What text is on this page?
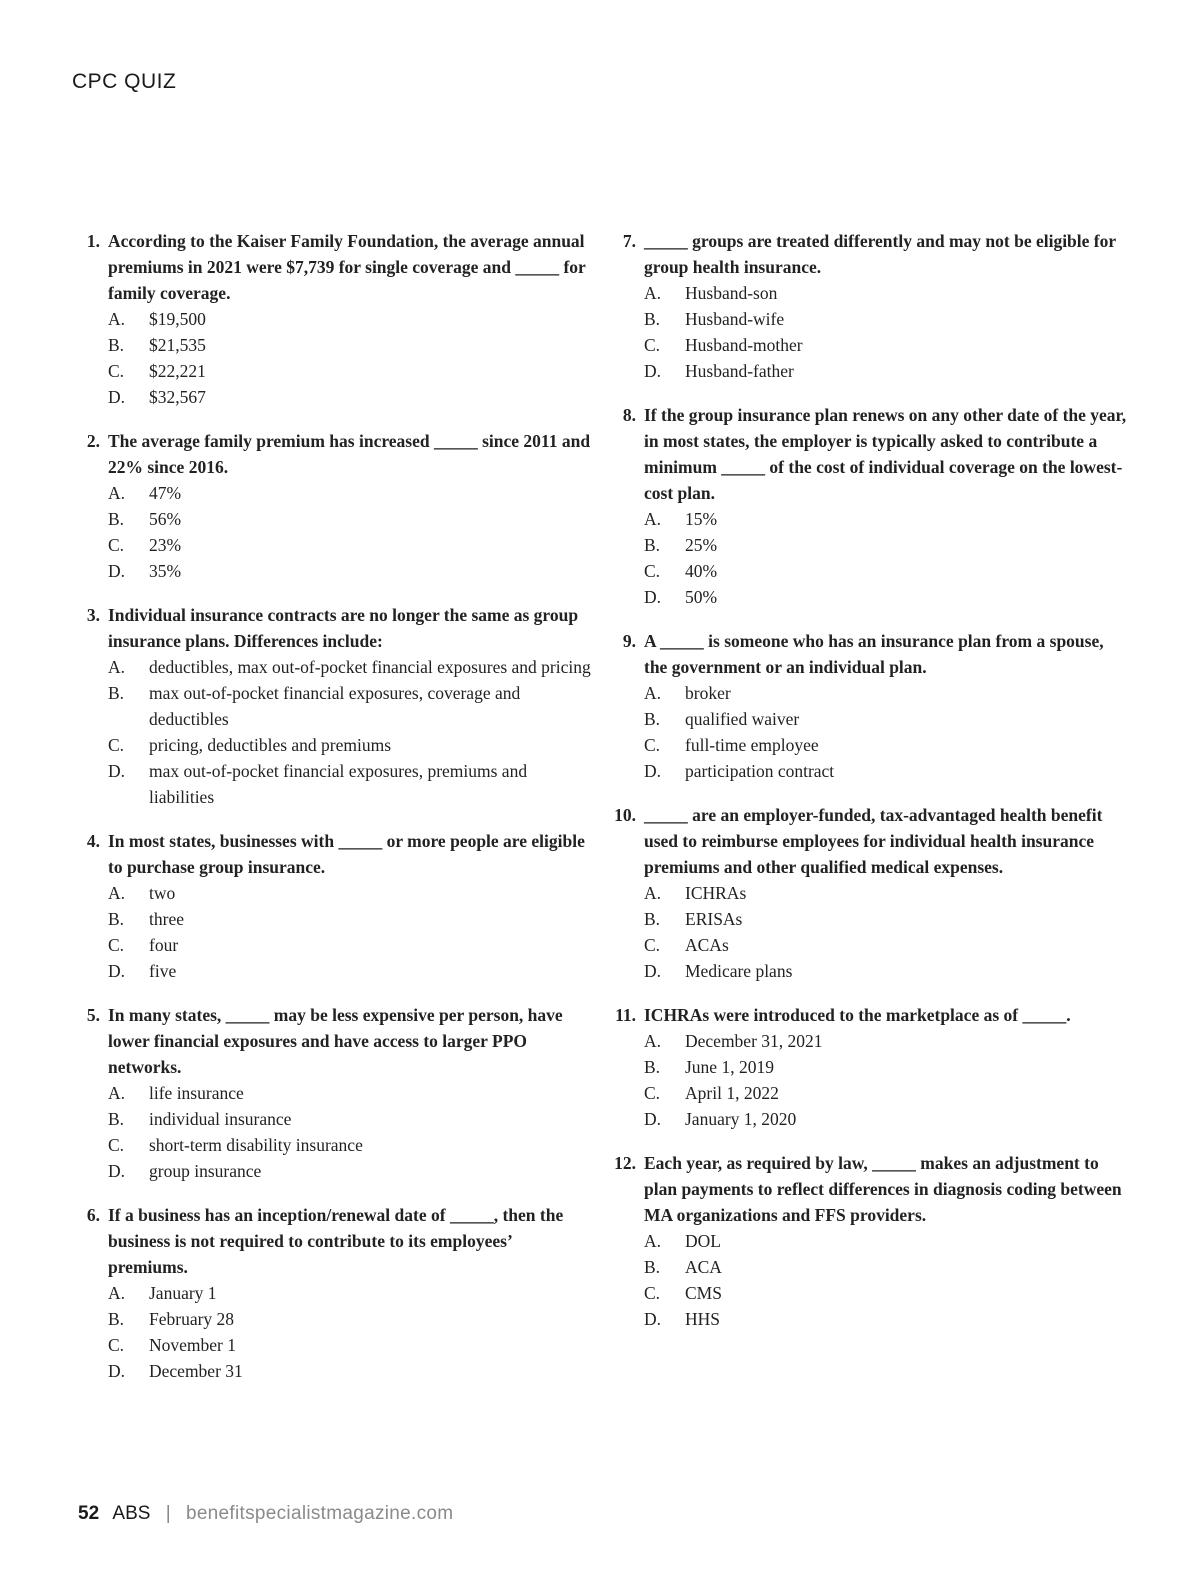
CPC QUIZ
1. According to the Kaiser Family Foundation, the average annual premiums in 2021 were $7,739 for single coverage and _____ for family coverage.
A.	$19,500
B.	$21,535
C.	$22,221
D.	$32,567
2. The average family premium has increased _____ since 2011 and 22% since 2016.
A.	47%
B.	56%
C.	23%
D.	35%
3. Individual insurance contracts are no longer the same as group insurance plans. Differences include:
A.	deductibles, max out-of-pocket financial exposures and pricing
B.	max out-of-pocket financial exposures, coverage and deductibles
C.	pricing, deductibles and premiums
D.	max out-of-pocket financial exposures, premiums and liabilities
4. In most states, businesses with _____ or more people are eligible to purchase group insurance.
A.	two
B.	three
C.	four
D.	five
5. In many states, _____ may be less expensive per person, have lower financial exposures and have access to larger PPO networks.
A.	life insurance
B.	individual insurance
C.	short-term disability insurance
D.	group insurance
6. If a business has an inception/renewal date of _____, then the business is not required to contribute to its employees’ premiums.
A.	January 1
B.	February 28
C.	November 1
D.	December 31
7. _____ groups are treated differently and may not be eligible for group health insurance.
A.	Husband-son
B.	Husband-wife
C.	Husband-mother
D.	Husband-father
8. If the group insurance plan renews on any other date of the year, in most states, the employer is typically asked to contribute a minimum _____ of the cost of individual coverage on the lowest-cost plan.
A.	15%
B.	25%
C.	40%
D.	50%
9. A _____ is someone who has an insurance plan from a spouse, the government or an individual plan.
A.	broker
B.	qualified waiver
C.	full-time employee
D.	participation contract
10. _____ are an employer-funded, tax-advantaged health benefit used to reimburse employees for individual health insurance premiums and other qualified medical expenses.
A.	ICHRAs
B.	ERISAs
C.	ACAs
D.	Medicare plans
11. ICHRAs were introduced to the marketplace as of _____.
A.	December 31, 2021
B.	June 1, 2019
C.	April 1, 2022
D.	January 1, 2020
12. Each year, as required by law, _____ makes an adjustment to plan payments to reflect differences in diagnosis coding between MA organizations and FFS providers.
A.	DOL
B.	ACA
C.	CMS
D.	HHS
52 ABS | benefitspecialistmagazine.com
